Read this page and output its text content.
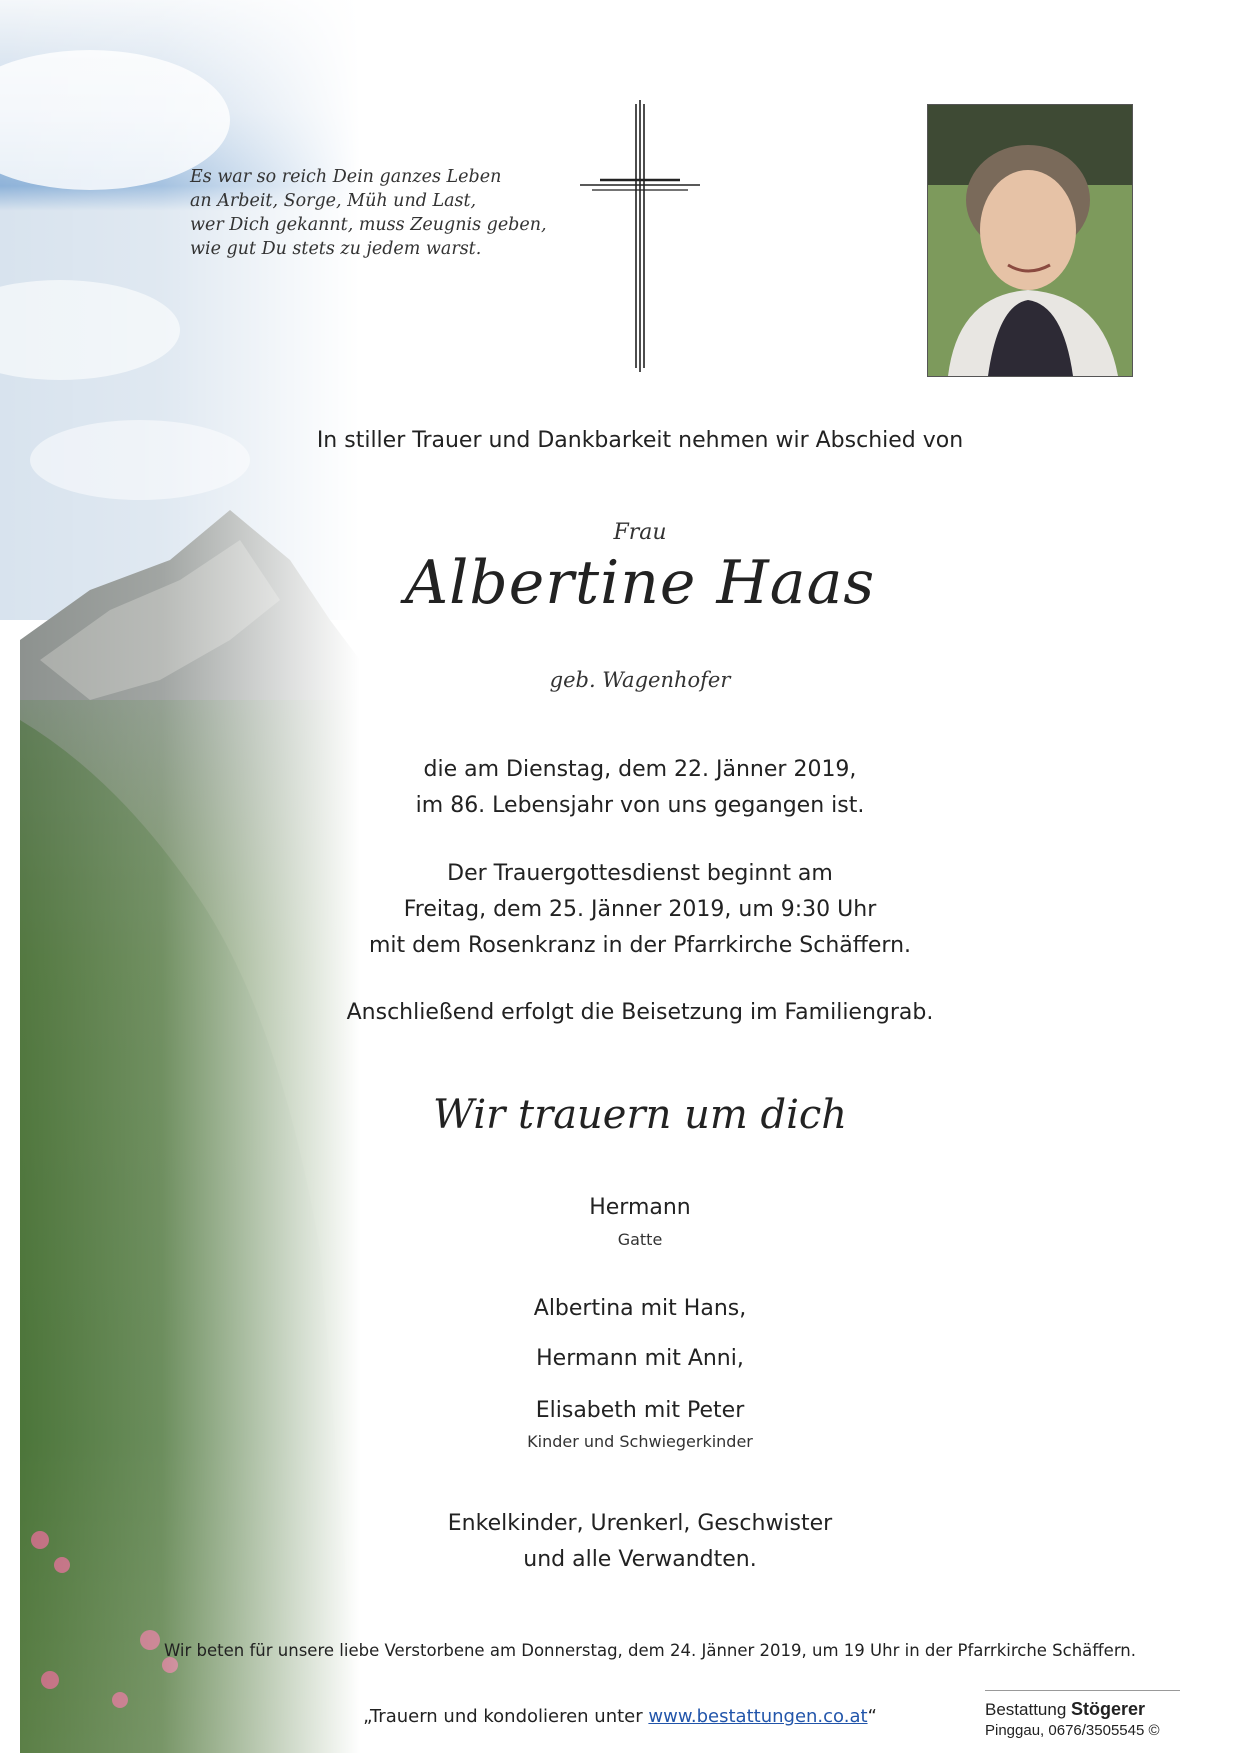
Es war so reich Dein ganzes Leben
an Arbeit, Sorge, Müh und Last,
wer Dich gekannt, muss Zeugnis geben,
wie gut Du stets zu jedem warst.
In stiller Trauer und Dankbarkeit nehmen wir Abschied von
Frau
Albertine Haas
geb. Wagenhofer
die am Dienstag, dem 22. Jänner 2019,
im 86. Lebensjahr von uns gegangen ist.
Der Trauergottesdienst beginnt am
Freitag, dem 25. Jänner 2019, um 9:30 Uhr
mit dem Rosenkranz in der Pfarrkirche Schäffern.
Anschließend erfolgt die Beisetzung im Familiengrab.
Wir trauern um dich
Hermann
Gatte
Albertina mit Hans,
Hermann mit Anni,
Elisabeth mit Peter
Kinder und Schwiegerkinder
Enkelkinder, Urenkerl, Geschwister
und alle Verwandten.
Wir beten für unsere liebe Verstorbene am Donnerstag, dem 24. Jänner 2019, um 19 Uhr in der Pfarrkirche Schäffern.
„Trauern und kondolieren unter www.bestattungen.co.at“	Bestattung Stögerer
Pinggau, 0676/3505545 ©
